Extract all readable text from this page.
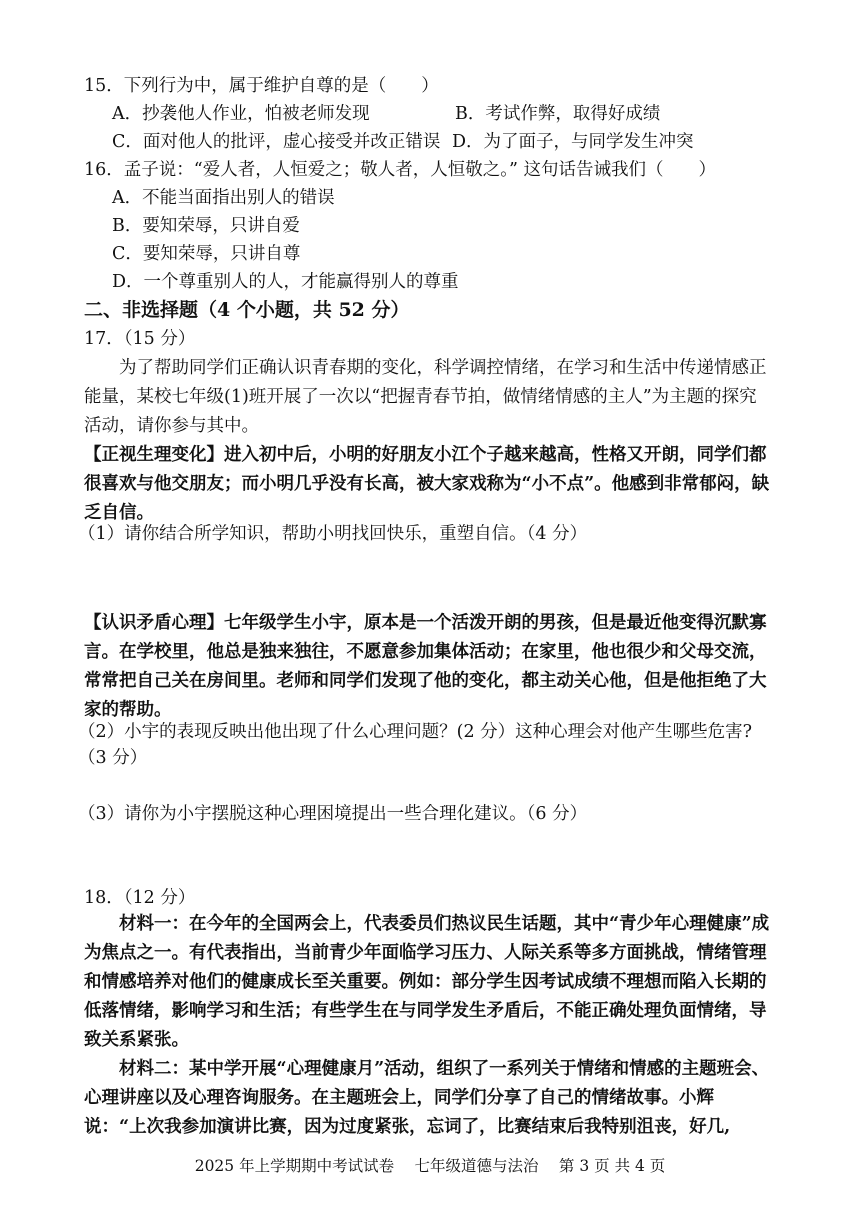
15．下列行为中，属于维护自尊的是（　　）
A．抄袭他人作业，怕被老师发现	B．考试作弊，取得好成绩
C．面对他人的批评，虚心接受并改正错误 D．为了面子，与同学发生冲突
16．孟子说：“爱人者，人恒爱之；敬人者，人恒敬之。” 这句话告诫我们（　　）
A．不能当面指出别人的错误
B．要知荣辱，只讲自爱
C．要知荣辱，只讲自尊
D．一个尊重别人的人，才能赢得别人的尊重
二、非选择题（4 个小题，共 52 分）
17．（15 分）
为了帮助同学们正确认识青春期的变化，科学调控情绪，在学习和生活中传递情感正能量，某校七年级(1)班开展了一次以“把握青春节拍，做情绪情感的主人”为主题的探究活动，请你参与其中。
【正视生理变化】进入初中后，小明的好朋友小江个子越来越高，性格又开朗，同学们都很喜欢与他交朋友；而小明几乎没有长高，被大家戏称为“小不点”。他感到非常郁闷，缺乏自信。
（1）请你结合所学知识，帮助小明找回快乐，重塑自信。（4 分）
【认识矛盾心理】七年级学生小宇，原本是一个活泼开朗的男孩，但是最近他变得沉默寡言。在学校里，他总是独来独往，不愿意参加集体活动；在家里，他也很少和父母交流，常常把自己关在房间里。老师和同学们发现了他的变化，都主动关心他，但是他拒绝了大家的帮助。
（2）小宇的表现反映出他出现了什么心理问题？(2 分）这种心理会对他产生哪些危害?
（3 分）
（3）请你为小宇摆脱这种心理困境提出一些合理化建议。（6 分）
18．（12 分）
材料一：在今年的全国两会上，代表委员们热议民生话题，其中“青少年心理健康”成为焦点之一。有代表指出，当前青少年面临学习压力、人际关系等多方面挑战，情绪管理和情感培养对他们的健康成长至关重要。例如：部分学生因考试成绩不理想而陷入长期的低落情绪，影响学习和生活；有些学生在与同学发生矛盾后，不能正确处理负面情绪，导致关系紧张。
材料二：某中学开展“心理健康月”活动，组织了一系列关于情绪和情感的主题班会、心理讲座以及心理咨询服务。在主题班会上，同学们分享了自己的情绪故事。小辉说：“上次我参加演讲比赛，因为过度紧张，忘词了，比赛结束后我特别沮丧，好几,
2025 年上学期期中考试试卷　 七年级道德与法治　 第 3 页 共 4 页
